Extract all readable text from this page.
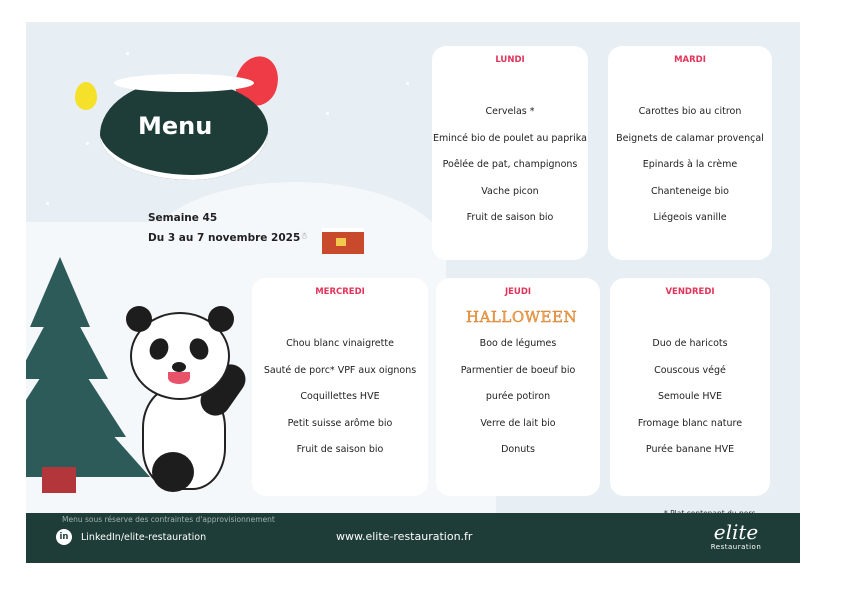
Menu
Semaine 45
Du 3 au 7 novembre 2025 ☃
LUNDI
Cervelas *
Emincé bio de poulet au paprika
Poêlée de pat, champignons
Vache picon
Fruit de saison bio
MARDI
Carottes bio au citron
Beignets de calamar provençal
Epinards à la crème
Chanteneige bio
Liégeois vanille
MERCREDI
Chou blanc vinaigrette
Sauté de porc* VPF aux oignons
Coquillettes HVE
Petit suisse arôme bio
Fruit de saison bio
JEUDI
Boo de légumes
Parmentier de boeuf bio
purée potiron
Verre de lait bio
Donuts
HALLOWEEN
VENDREDI
Duo de haricots
Couscous végé
Semoule HVE
Fromage blanc nature
Purée banane HVE
Menu sous réserve des contraintes d'approvisionnement
in	LinkedIn/elite-restauration	www.elite-restauration.fr	elite
Restauration
